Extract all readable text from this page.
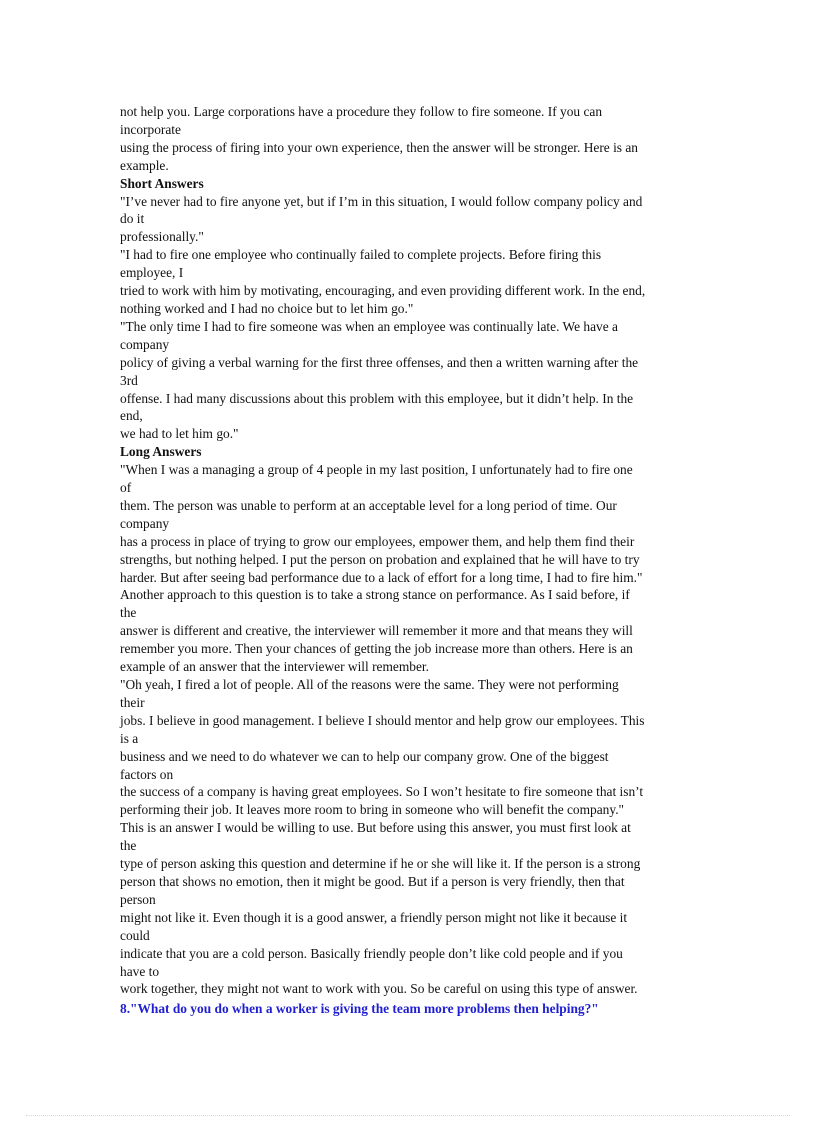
not help you. Large corporations have a procedure they follow to fire someone. If you can
incorporate
using the process of firing into your own experience, then the answer will be stronger. Here is an
example.
Short Answers
"I’ve never had to fire anyone yet, but if I’m in this situation, I would follow company policy and
do it
professionally."
"I had to fire one employee who continually failed to complete projects. Before firing this
employee, I
tried to work with him by motivating, encouraging, and even providing different work. In the end,
nothing worked and I had no choice but to let him go."
"The only time I had to fire someone was when an employee was continually late. We have a
company
policy of giving a verbal warning for the first three offenses, and then a written warning after the
3rd
offense. I had many discussions about this problem with this employee, but it didn’t help. In the
end,
we had to let him go."
Long Answers
"When I was a managing a group of 4 people in my last position, I unfortunately had to fire one
of
them. The person was unable to perform at an acceptable level for a long period of time. Our
company
has a process in place of trying to grow our employees, empower them, and help them find their
strengths, but nothing helped. I put the person on probation and explained that he will have to try
harder. But after seeing bad performance due to a lack of effort for a long time, I had to fire him."
Another approach to this question is to take a strong stance on performance. As I said before, if
the
answer is different and creative, the interviewer will remember it more and that means they will
remember you more. Then your chances of getting the job increase more than others. Here is an
example of an answer that the interviewer will remember.
"Oh yeah, I fired a lot of people. All of the reasons were the same. They were not performing
their
jobs. I believe in good management. I believe I should mentor and help grow our employees. This
is a
business and we need to do whatever we can to help our company grow. One of the biggest
factors on
the success of a company is having great employees. So I won’t hesitate to fire someone that isn’t
performing their job. It leaves more room to bring in someone who will benefit the company."
This is an answer I would be willing to use. But before using this answer, you must first look at
the
type of person asking this question and determine if he or she will like it. If the person is a strong
person that shows no emotion, then it might be good. But if a person is very friendly, then that
person
might not like it. Even though it is a good answer, a friendly person might not like it because it
could
indicate that you are a cold person. Basically friendly people don’t like cold people and if you
have to
work together, they might not want to work with you. So be careful on using this type of answer.
8."What do you do when a worker is giving the team more problems then helping?"
